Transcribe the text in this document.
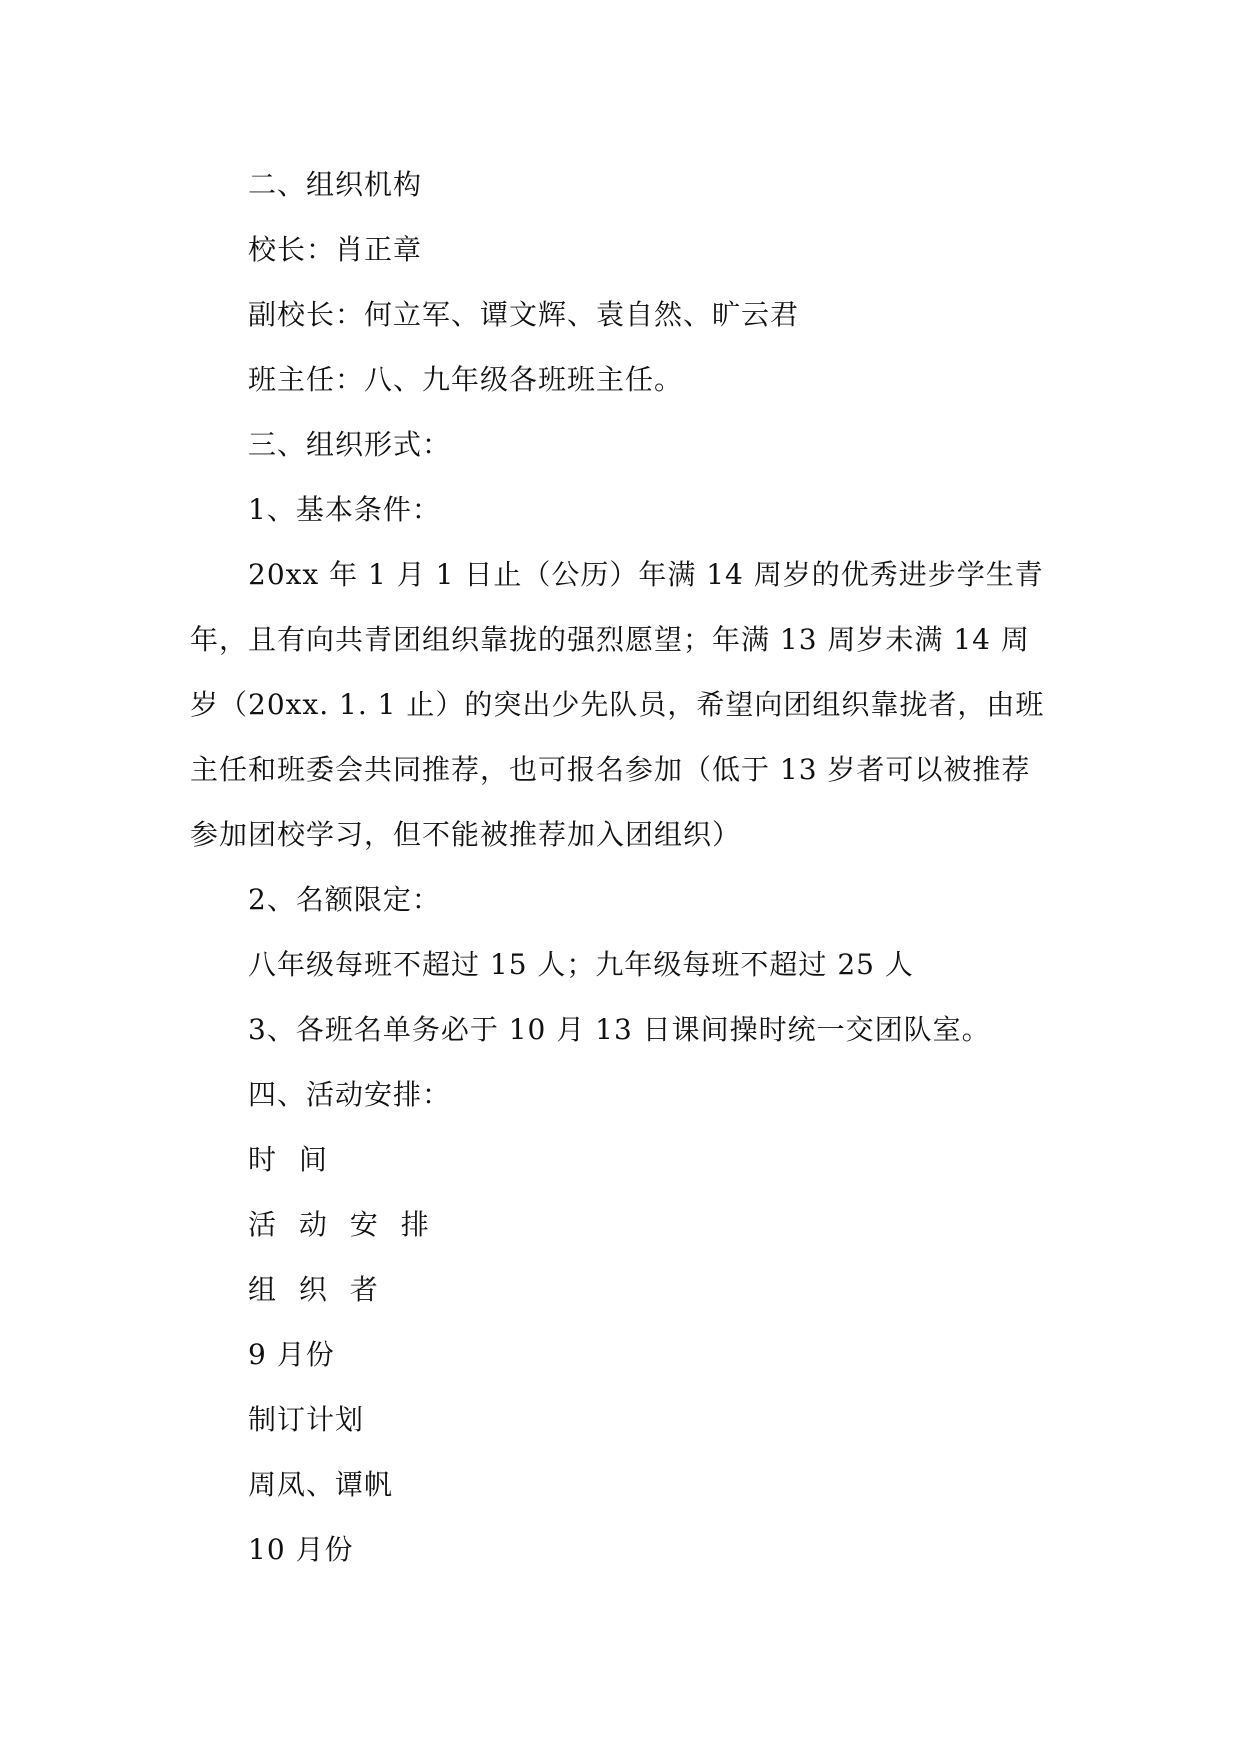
二、组织机构

校长：肖正章

副校长：何立军、谭文辉、袁自然、旷云君

班主任：八、九年级各班班主任。

三、组织形式：

1、基本条件：

20xx 年 1 月 1 日止（公历）年满 14 周岁的优秀进步学生青年，且有向共青团组织靠拢的强烈愿望；年满 13 周岁未满 14 周岁（20xx. 1. 1 止）的突出少先队员，希望向团组织靠拢者，由班主任和班委会共同推荐，也可报名参加（低于 13 岁者可以被推荐参加团校学习，但不能被推荐加入团组织）

2、名额限定：

八年级每班不超过 15 人；九年级每班不超过 25 人

3、各班名单务必于 10 月 13 日课间操时统一交团队室。

四、活动安排：

时 间

活 动 安 排

组 织 者

9 月份

制订计划

周凤、谭帆

10 月份
